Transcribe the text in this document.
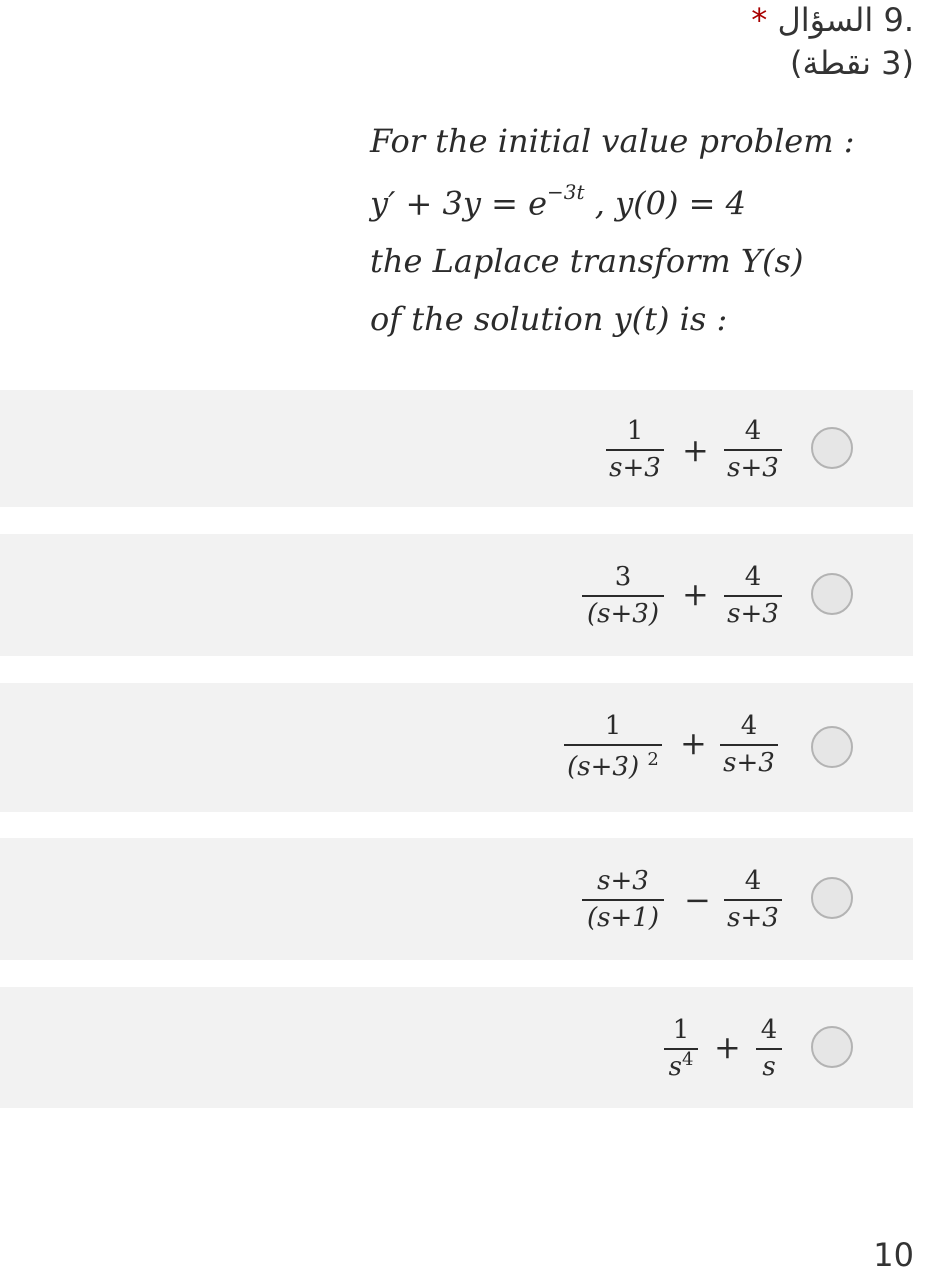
.9 السؤال *
(3 نقطة)
For the initial value problem :
$y' + 3y = e^{-3t}$ , y(0) = 4
the Laplace transform Y(s)
of the solution y(t) is :
1
s+3 +	4
s+3
3
(s+3)
+	4
s+3
1
(s+3) $^2$ +	4
s+3
s+3
(s+1) −	4
s+3
1
$s^4 + 4$
s
10
